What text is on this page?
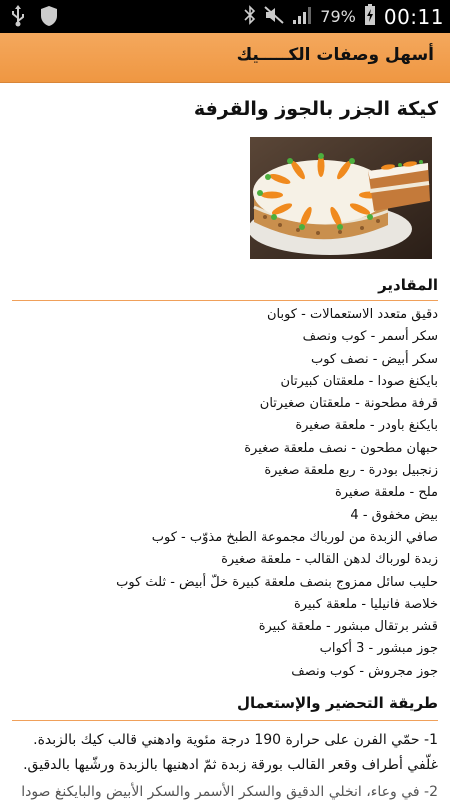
79% 00:11
أسهل وصفات الكـــــيك
كيكة الجزر بالجوز والقرفة
المقادير
دقيق متعدد الاستعمالات - كوبان
سكر أسمر - كوب ونصف
سكر أبيض - نصف كوب
بايكنغ صودا - ملعقتان كبيرتان
قرفة مطحونة - ملعقتان صغيرتان
بايكنغ باودر - ملعقة صغيرة
حبهان مطحون - نصف ملعقة صغيرة
زنجبيل بودرة - ربع ملعقة صغيرة
ملح - ملعقة صغيرة
بيض مخفوق - 4
صافي الزبدة من لورباك مجموعة الطبخ مذوّب - كوب
زبدة لورباك لدهن القالب - ملعقة صغيرة
حليب سائل ممزوج بنصف ملعقة كبيرة خلّ أبيض - ثلث كوب
خلاصة فانيليا - ملعقة كبيرة
قشر برتقال مبشور - ملعقة كبيرة
جوز مبشور - 3 أكواب
جوز مجروش - كوب ونصف
طريقة التحضير والإستعمال

1- حمّي الفرن على حرارة 190 درجة مئوية وادهني قالب كيك بالزبدة. غلّفي أطراف وقعر القالب بورقة زبدة ثمّ ادهنيها بالزبدة ورشّيها بالدقيق.

2- في وعاء، انخلي الدقيق والسكر الأسمر والسكر الأبيض والبايكنغ صودا
